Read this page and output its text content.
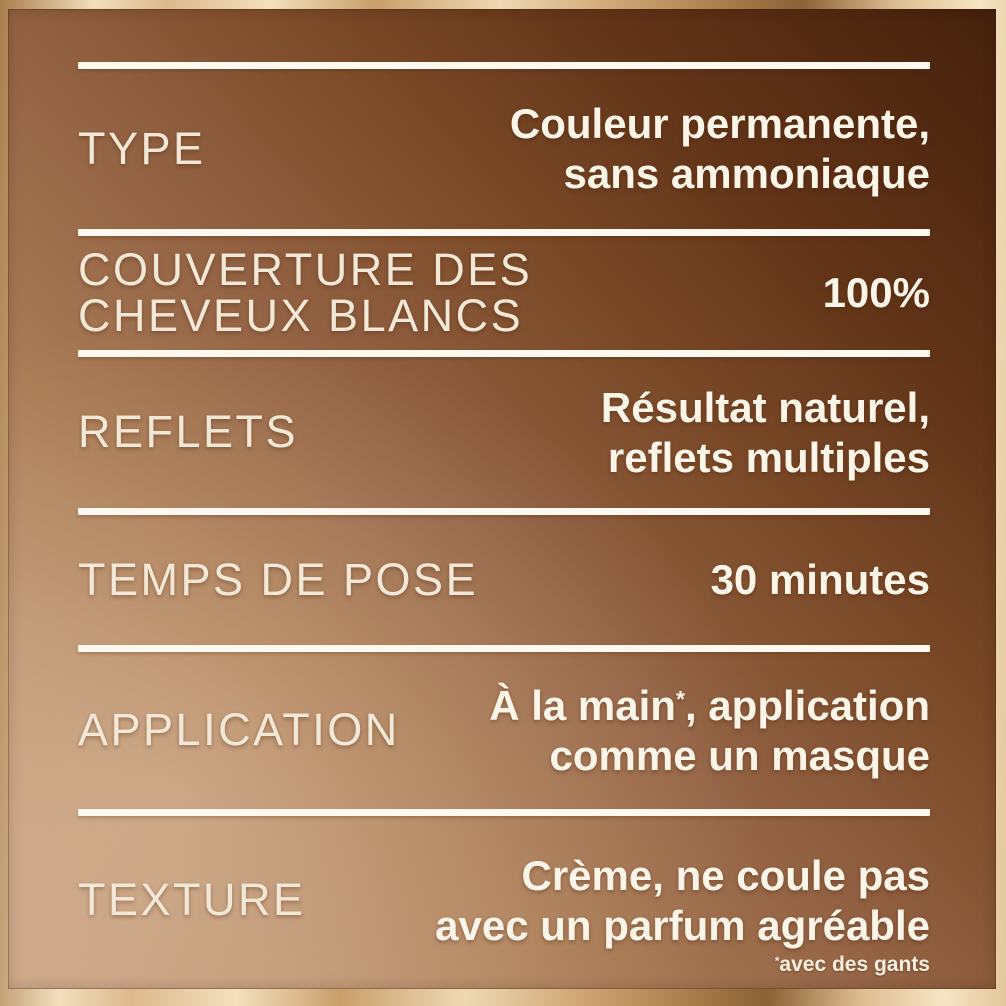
TYPE	Couleur permanente,
sans ammoniaque
COUVERTURE DES
CHEVEUX BLANCS	100%
REFLETS	Résultat naturel,
reflets multiples
TEMPS DE POSE	30 minutes
APPLICATION À la main*, application
comme un masque
TEXTURE	Crème, ne coule pas
avec un parfum agréable
*avec des gants
